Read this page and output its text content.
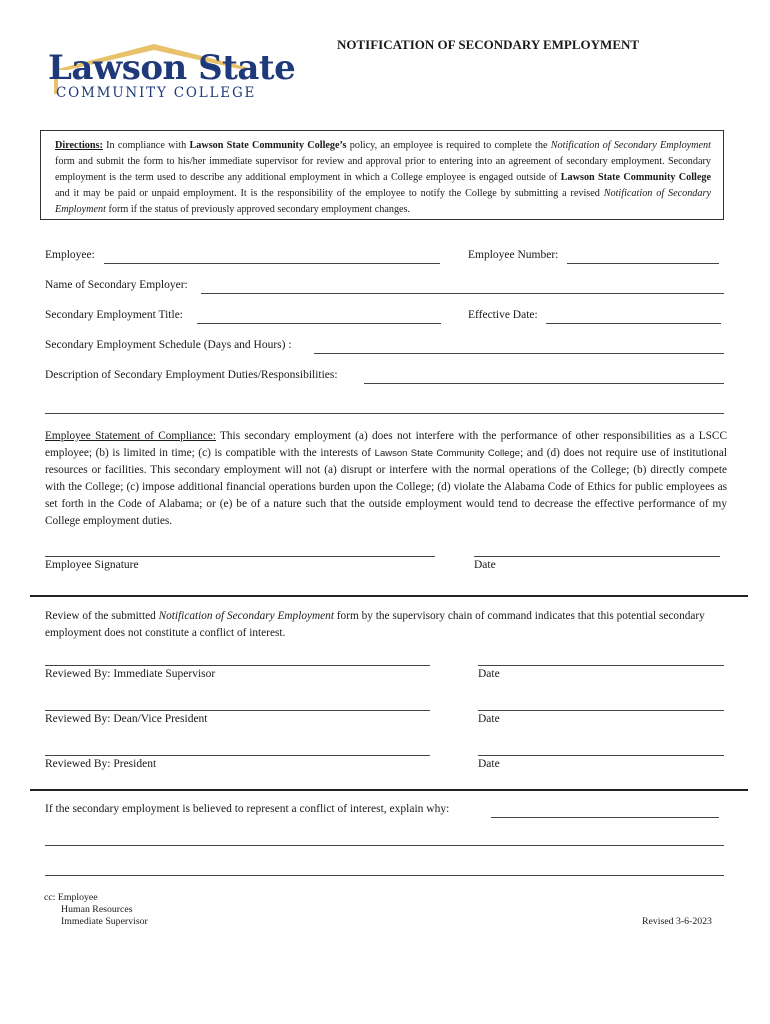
Lawson State
COMMUNITY COLLEGE
NOTIFICATION OF SECONDARY EMPLOYMENT
Directions: In compliance with Lawson State Community College’s policy, an employee is required to complete the Notification of Secondary Employment form and submit the form to his/her immediate supervisor for review and approval prior to entering into an agreement of secondary employment. Secondary employment is the term used to describe any additional employment in which a College employee is engaged outside of Lawson State Community College and it may be paid or unpaid employment. It is the responsibility of the employee to notify the College by submitting a revised Notification of Secondary Employment form if the status of previously approved secondary employment changes.
Employee:	Employee Number:
Name of Secondary Employer:
Secondary Employment Title:	Effective Date:
Secondary Employment Schedule (Days and Hours) :
Description of Secondary Employment Duties/Responsibilities:
Employee Statement of Compliance: This secondary employment (a) does not interfere with the performance of other responsibilities as a LSCC employee; (b) is limited in time; (c) is compatible with the interests of Lawson State Community College; and (d) does not require use of institutional resources or facilities. This secondary employment will not (a) disrupt or interfere with the normal operations of the College; (b) directly compete with the College; (c) impose additional financial operations burden upon the College; (d) violate the Alabama Code of Ethics for public employees as set forth in the Code of Alabama; or (e) be of a nature such that the outside employment would tend to decrease the effective performance of my College employment duties.
Employee Signature	Date
Review of the submitted Notification of Secondary Employment form by the supervisory chain of command indicates that this potential secondary employment does not constitute a conflict of interest.
Reviewed By: Immediate Supervisor	Date
Reviewed By: Dean/Vice President	Date
Reviewed By: President	Date
If the secondary employment is believed to represent a conflict of interest, explain why:
cc: Employee
Human Resources
Immediate Supervisor	Revised 3-6-2023
